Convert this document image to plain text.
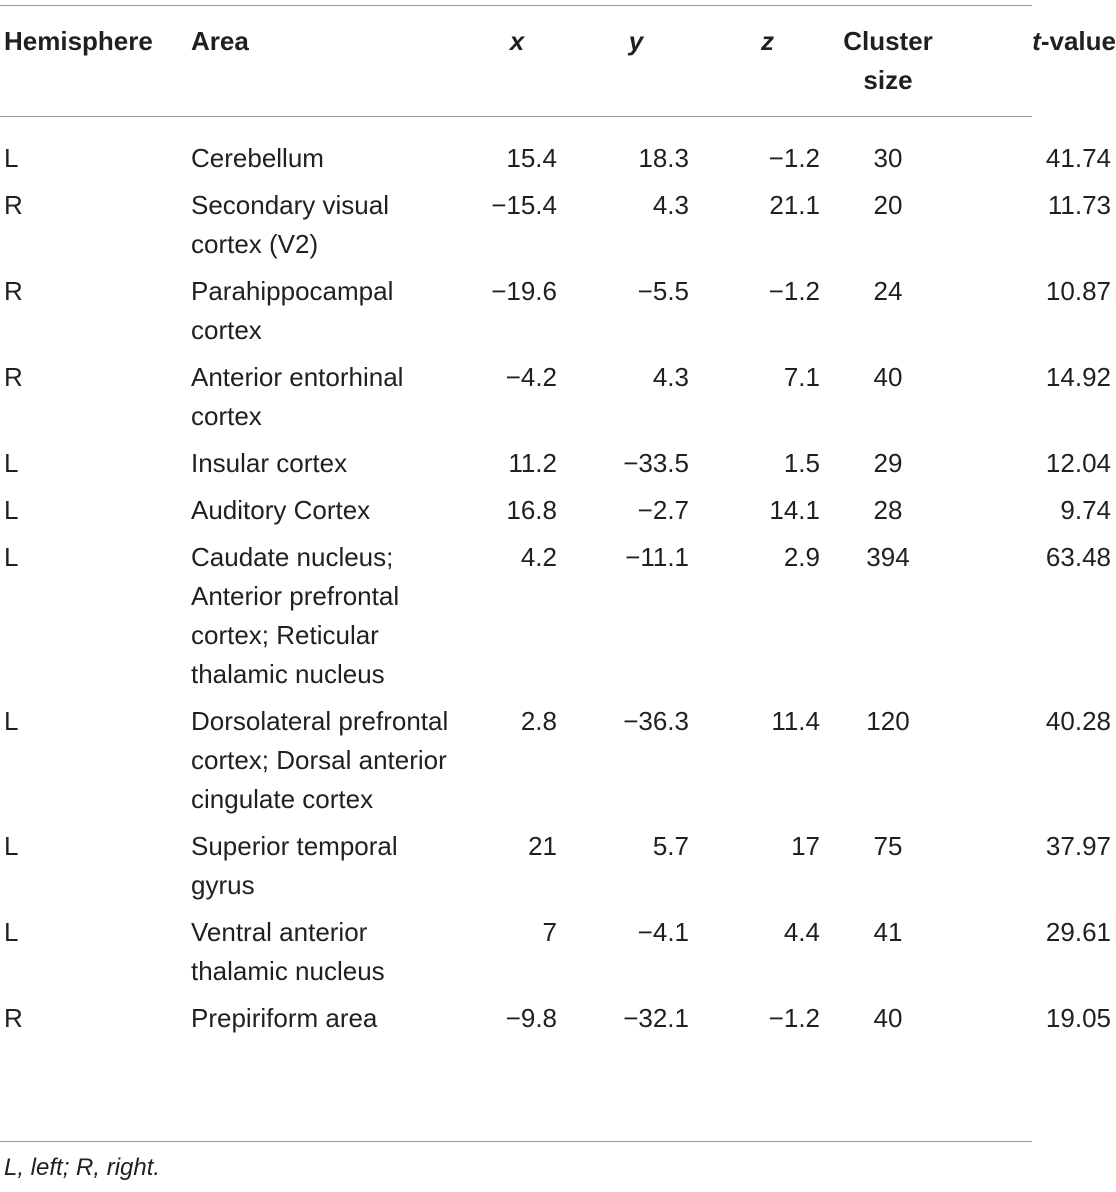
Hemisphere	Area	x	y	z	Cluster size	t-value

L	Cerebellum	15.4	18.3	−1.2	30	41.74
R	Secondary visual cortex (V2)	−15.4	4.3	21.1	20	11.73
R	Parahippocampal cortex	−19.6	−5.5	−1.2	24	10.87
R	Anterior entorhinal cortex	−4.2	4.3	7.1	40	14.92
L	Insular cortex	11.2	−33.5	1.5	29	12.04
L	Auditory Cortex	16.8	−2.7	14.1	28	9.74
L	Caudate nucleus; Anterior prefrontal cortex; Reticular thalamic nucleus	4.2	−11.1	2.9	394	63.48
L	Dorsolateral prefrontal cortex; Dorsal anterior cingulate cortex	2.8	−36.3	11.4	120	40.28
L	Superior temporal gyrus	21	5.7	17	75	37.97
L	Ventral anterior thalamic nucleus	7	−4.1	4.4	41	29.61
R	Prepiriform area	−9.8	−32.1	−1.2	40	19.05
L, left; R, right.
